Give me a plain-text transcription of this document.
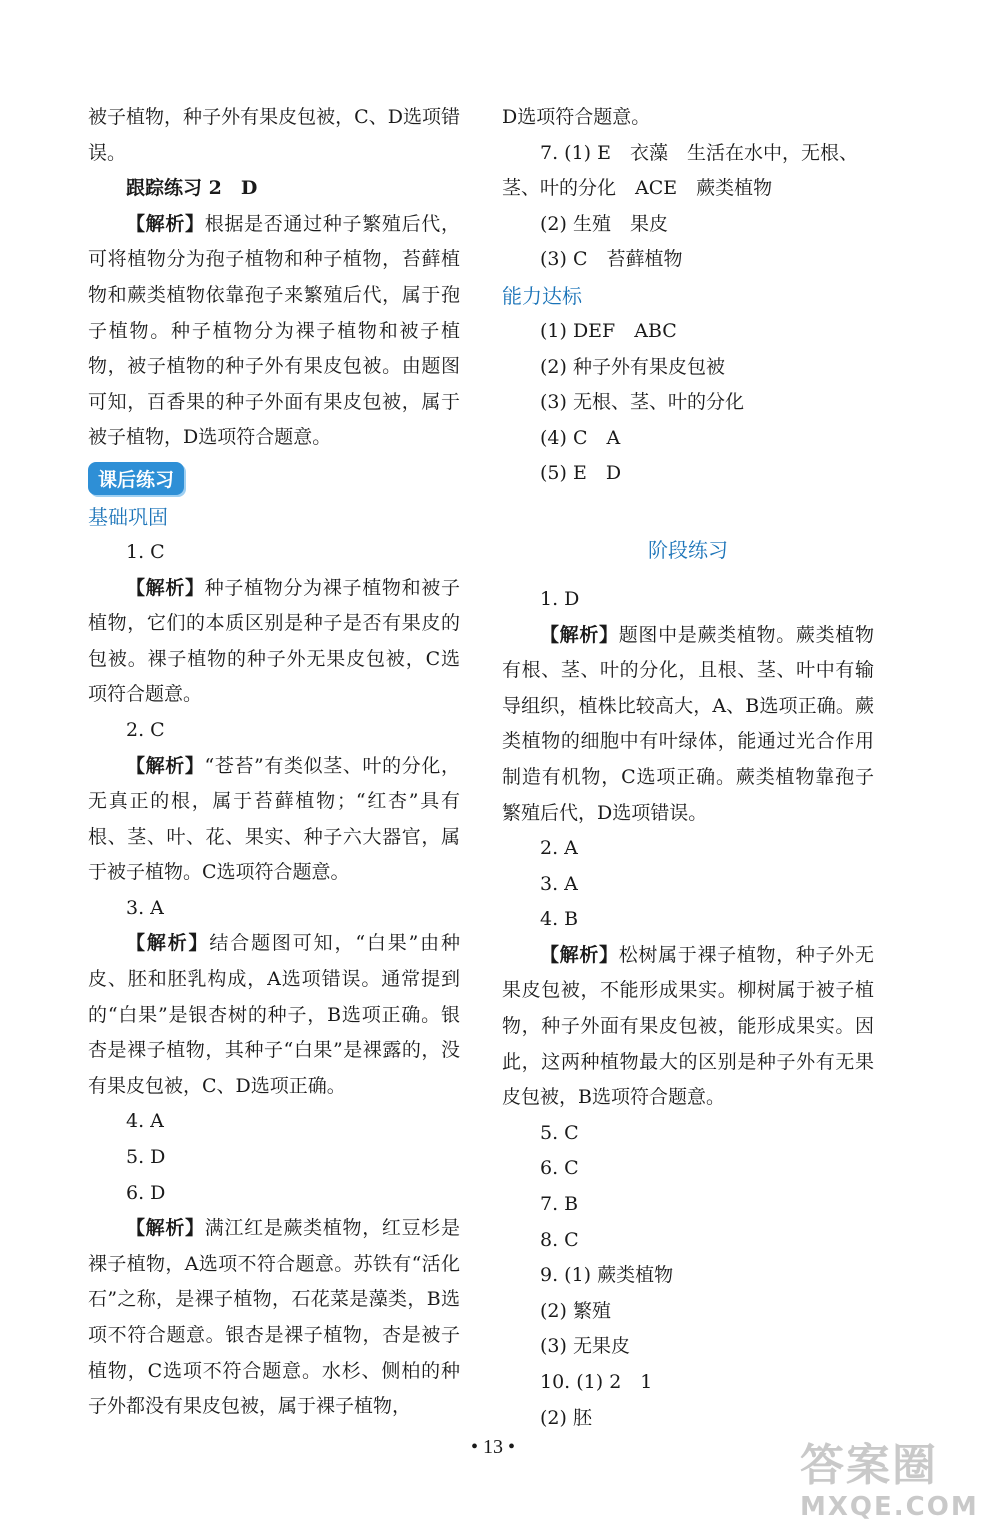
被子植物，种子外有果皮包被，C、D选项错误。

跟踪练习 2　 D

【解析】根据是否通过种子繁殖后代，可将植物分为孢子植物和种子植物，苔藓植物和蕨类植物依靠孢子来繁殖后代，属于孢子植物。种子植物分为裸子植物和被子植物，被子植物的种子外有果皮包被。由题图可知，百香果的种子外面有果皮包被，属于被子植物，D选项符合题意。

课后练习

基础巩固

1. C

【解析】种子植物分为裸子植物和被子植物，它们的本质区别是种子是否有果皮的包被。裸子植物的种子外无果皮包被，C选项符合题意。

2. C

【解析】“苍苔”有类似茎、叶的分化，无真正的根，属于苔藓植物；“红杏”具有根、茎、叶、花、果实、种子六大器官，属于被子植物。C选项符合题意。

3. A

【解析】结合题图可知，“白果”由种皮、胚和胚乳构成，A选项错误。通常提到的“白果”是银杏树的种子，B选项正确。银杏是裸子植物，其种子“白果”是裸露的，没有果皮包被，C、D选项正确。

4. A

5. D

6. D

【解析】满江红是蕨类植物，红豆杉是裸子植物，A选项不符合题意。苏铁有“活化石”之称，是裸子植物，石花菜是藻类，B选项不符合题意。银杏是裸子植物，杏是被子植物，C选项不符合题意。水杉、侧柏的种子外都没有果皮包被，属于裸子植物，

D选项符合题意。

7. (1) E　衣藻　生活在水中，无根、

茎、叶的分化　ACE　蕨类植物

(2) 生殖　果皮

(3) C　苔藓植物

能力达标

(1) DEF　ABC

(2) 种子外有果皮包被

(3) 无根、茎、叶的分化

(4) C　A

(5) E　D

阶段练习

1. D

【解析】题图中是蕨类植物。蕨类植物有根、茎、叶的分化，且根、茎、叶中有输导组织，植株比较高大，A、B选项正确。蕨类植物的细胞中有叶绿体，能通过光合作用制造有机物，C选项正确。蕨类植物靠孢子繁殖后代，D选项错误。

2. A

3. A

4. B

【解析】松树属于裸子植物，种子外无果皮包被，不能形成果实。柳树属于被子植物，种子外面有果皮包被，能形成果实。因此，这两种植物最大的区别是种子外有无果皮包被，B选项符合题意。

5. C

6. C

7. B

8. C

9. (1) 蕨类植物

(2) 繁殖

(3) 无果皮

10. (1) 2　1

(2) 胚

• 13 •	答案圈
MXQE.COM
